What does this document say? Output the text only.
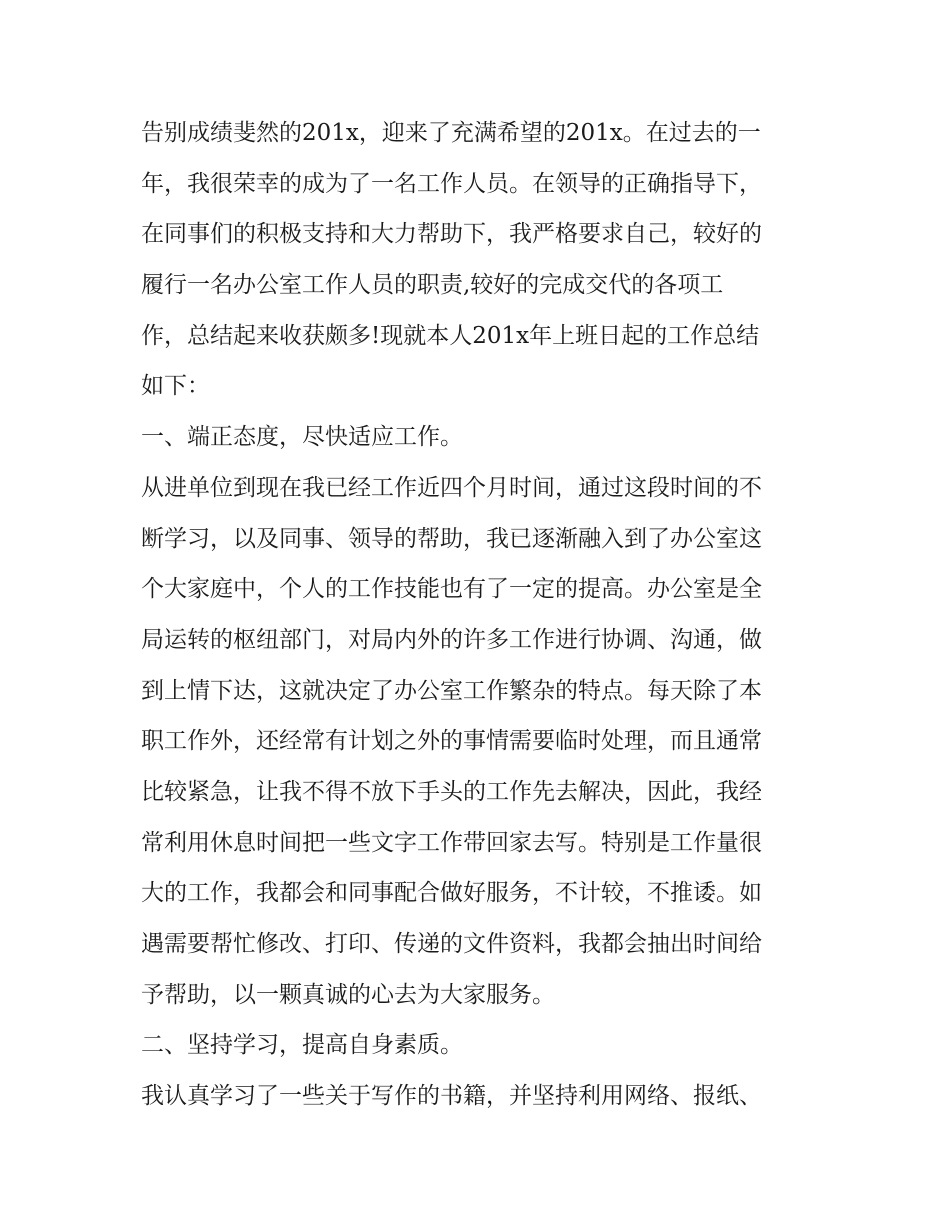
告别成绩斐然的201x，迎来了充满希望的201x。在过去的一
年，我很荣幸的成为了一名工作人员。在领导的正确指导下，
在同事们的积极支持和大力帮助下，我严格要求自己，较好的
履行一名办公室工作人员的职责,较好的完成交代的各项工
作，总结起来收获颇多!现就本人201x年上班日起的工作总结
如下：
一、端正态度，尽快适应工作。
从进单位到现在我已经工作近四个月时间，通过这段时间的不
断学习，以及同事、领导的帮助，我已逐渐融入到了办公室这
个大家庭中，个人的工作技能也有了一定的提高。办公室是全
局运转的枢纽部门，对局内外的许多工作进行协调、沟通，做
到上情下达，这就决定了办公室工作繁杂的特点。每天除了本
职工作外，还经常有计划之外的事情需要临时处理，而且通常
比较紧急，让我不得不放下手头的工作先去解决，因此，我经
常利用休息时间把一些文字工作带回家去写。特别是工作量很
大的工作，我都会和同事配合做好服务，不计较，不推诿。如
遇需要帮忙修改、打印、传递的文件资料，我都会抽出时间给
予帮助，以一颗真诚的心去为大家服务。
二、坚持学习，提高自身素质。
我认真学习了一些关于写作的书籍，并坚持利用网络、报纸、
